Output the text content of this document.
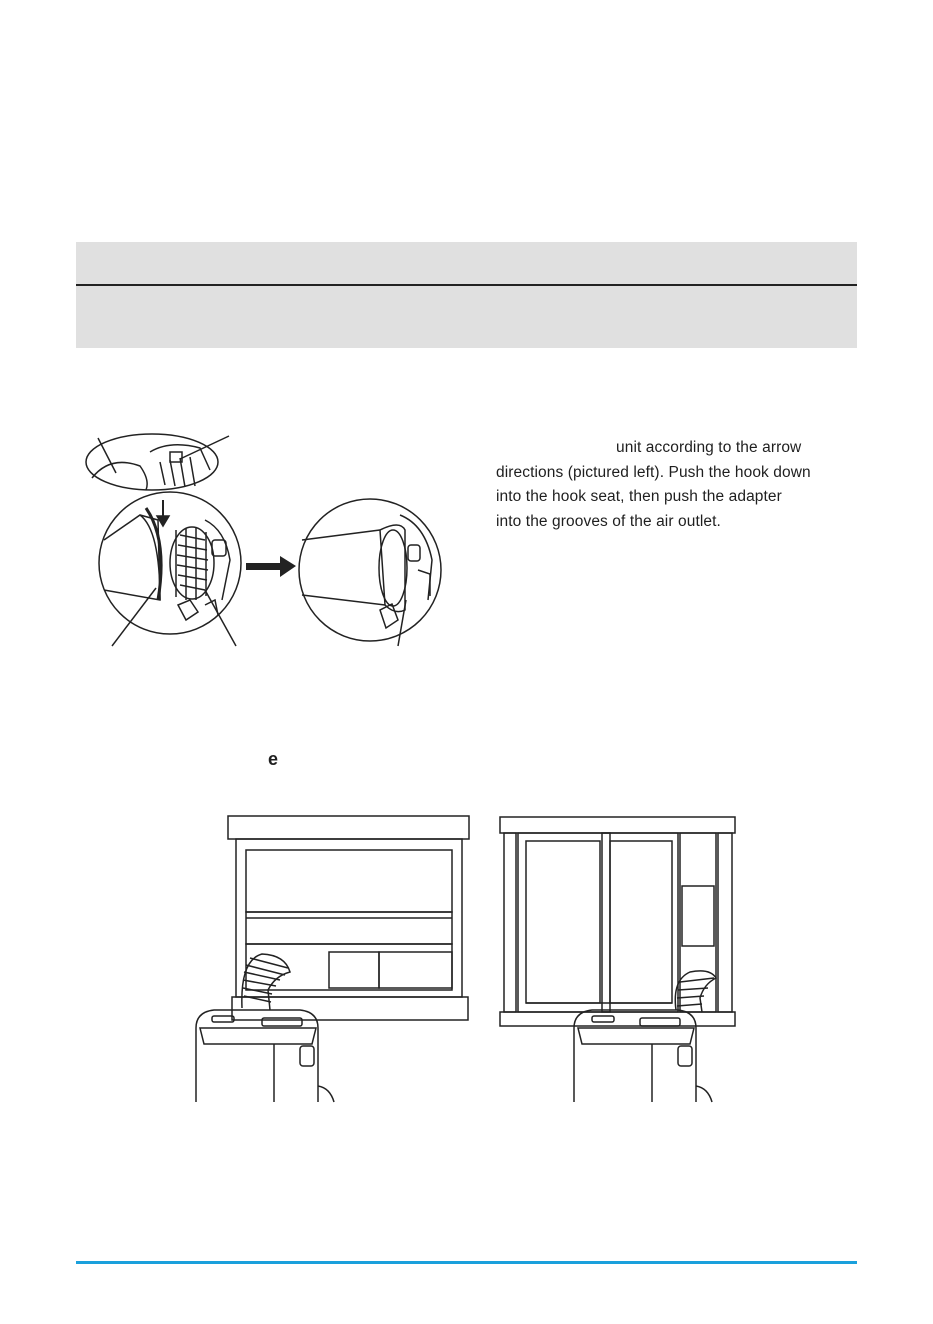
unit according to the arrow
directions (pictured left). Push the hook down
into the hook seat, then push the adapter
into the grooves of the air outlet.
e
